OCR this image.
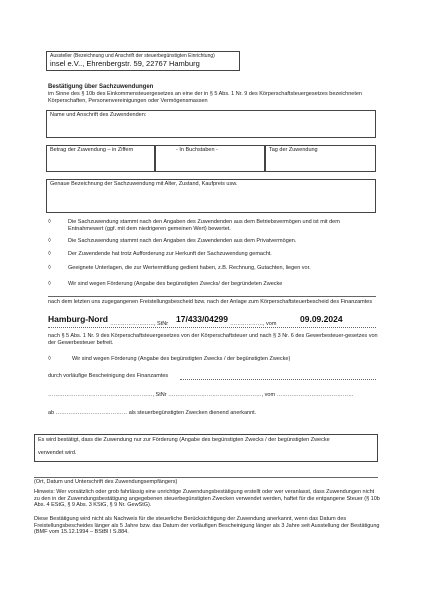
Aussteller (Bezeichnung und Anschrift der steuerbegünstigten Einrichtung)
insel e.V.., Ehrenbergstr. 59, 22767 Hamburg
Bestätigung über Sachzuwendungen
im Sinne des § 10b des Einkommensteuergesetzes an eine der in § 5 Abs. 1 Nr. 9 des Körperschaftsteuergesetzes bezeichneten Körperschaften, Personenvereinigungen oder Vermögensmassen
Name und Anschrift des Zuwendenden:
Betrag der Zuwendung – in Ziffern	- In Buchstaben -	Tag der Zuwendung
Genaue Bezeichnung der Sachzuwendung mit Alter, Zustand, Kaufpreis usw.
◊	Die Sachzuwendung stammt nach den Angaben des Zuwendenden aus dem Betriebsvermögen und ist mit dem Entnahmewert (ggf. mit dem niedrigeren gemeinen Wert) bewertet.
◊	Die Sachzuwendung stammt nach den Angaben des Zuwendenden aus dem Privatvermögen.
◊	Der Zuwendende hat trotz Aufforderung zur Herkunft der Sachzuwendung gemacht.
◊	Geeignete Unterlagen, die zur Wertermittlung gedient haben, z.B. Rechnung, Gutachten, liegen vor.
◊	Wir sind wegen Förderung (Angabe des begünstigten Zwecks/ der begründeten Zwecke
nach dem letzten uns zugegangenen Freistellungsbescheid bzw. nach der Anlage zum Körperschaftsteuerbescheid des Finanzamtes
Hamburg-Nord ……………………, StNr 17/433/04299 ………………, vom	09.09.2024
nach § 5 Abs. 1 Nr. 9 des Körperschaftsteuergesetzes von der Körperschaftsteuer und nach § 3 Nr. 6 des Gewerbesteuer-gesetzes von der Gewerbesteuer befreit.
◊	Wir sind wegen Förderung (Angabe des begünstigten Zwecks / der begünstigten Zwecke)
durch vorläufige Bescheinigung des Finanzamtes
…………………………………………………, StNr ……………………………………………, vom ……………………………………
ab ………………………………… als steuerbegünstigten Zwecken dienend anerkannt.
Es wird bestätigt, dass die Zuwendung nur zur Förderung (Angabe des begünstigten Zwecks / der begünstigten Zwecke
verwendet wird.
(Ort, Datum und Unterschrift des Zuwendungsempfängers)
Hinweis: Wer vorsätzlich oder grob fahrlässig eine unrichtige Zuwendungsbestätigung erstellt oder wer veranlasst, dass Zuwendungen nicht zu den in der Zuwendungsbestätigung angegebenen steuerbegünstigten Zwecken verwendet werden, haftet für die entgangene Steuer (§ 10b Abs. 4 EStG, § 9 Abs. 3 KStG, § 9 Nr. GewStG).
Diese Bestätigung wird nicht als Nachweis für die steuerliche Berücksichtigung der Zuwendung anerkannt, wenn das Datum des Freistellungsbescheides länger als 5 Jahre bzw. das Datum der vorläufigen Bescheinigung länger als 3 Jahre seit Ausstellung der Bestätigung (BMF vom 15.12.1994 – BStBl I S.884.
